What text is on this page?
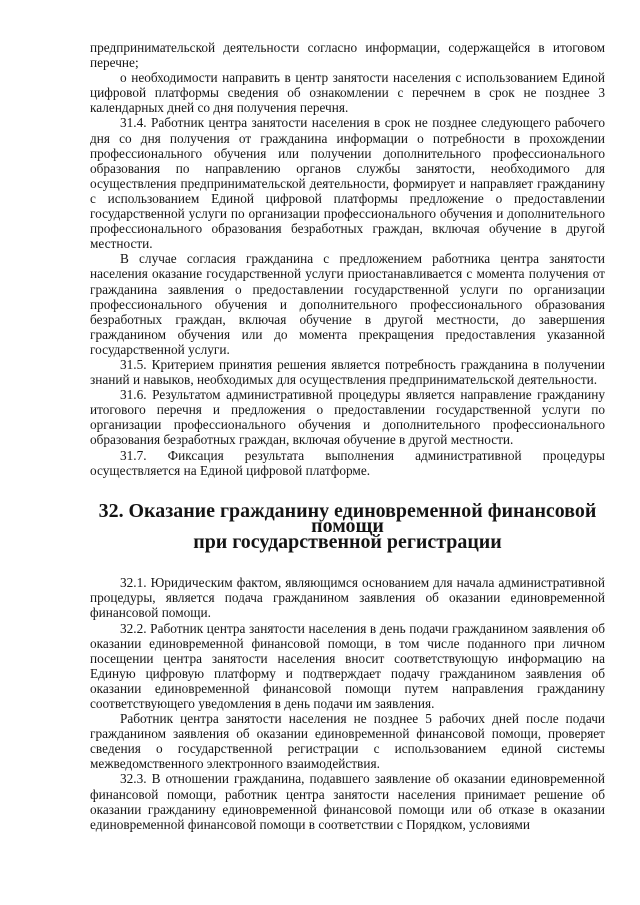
предпринимательской деятельности согласно информации, содержащейся в итоговом перечне;

о необходимости направить в центр занятости населения с использованием Единой цифровой платформы сведения об ознакомлении с перечнем в срок не позднее 3 календарных дней со дня получения перечня.

31.4. Работник центра занятости населения в срок не позднее следующего рабочего дня со дня получения от гражданина информации о потребности в прохождении профессионального обучения или получении дополнительного профессионального образования по направлению органов службы занятости, необходимого для осуществления предпринимательской деятельности, формирует и направляет гражданину с использованием Единой цифровой платформы предложение о предоставлении государственной услуги по организации профессионального обучения и дополнительного профессионального образования безработных граждан, включая обучение в другой местности.

В случае согласия гражданина с предложением работника центра занятости населения оказание государственной услуги приостанавливается с момента получения от гражданина заявления о предоставлении государственной услуги по организации профессионального обучения и дополнительного профессионального образования безработных граждан, включая обучение в другой местности, до завершения гражданином обучения или до момента прекращения предоставления указанной государственной услуги.

31.5. Критерием принятия решения является потребность гражданина в получении знаний и навыков, необходимых для осуществления предпринимательской деятельности.

31.6. Результатом административной процедуры является направление гражданину итогового перечня и предложения о предоставлении государственной услуги по организации профессионального обучения и дополнительного профессионального образования безработных граждан, включая обучение в другой местности.

31.7. Фиксация результата выполнения административной процедуры осуществляется на Единой цифровой платформе.

32. Оказание гражданину единовременной финансовой помощи
при государственной регистрации

32.1. Юридическим фактом, являющимся основанием для начала административной процедуры, является подача гражданином заявления об оказании единовременной финансовой помощи.

32.2. Работник центра занятости населения в день подачи гражданином заявления об оказании единовременной финансовой помощи, в том числе поданного при личном посещении центра занятости населения вносит соответствующую информацию на Единую цифровую платформу и подтверждает подачу гражданином заявления об оказании единовременной финансовой помощи путем направления гражданину соответствующего уведомления в день подачи им заявления.

Работник центра занятости населения не позднее 5 рабочих дней после подачи гражданином заявления об оказании единовременной финансовой помощи, проверяет сведения о государственной регистрации с использованием единой системы межведомственного электронного взаимодействия.

32.3. В отношении гражданина, подавшего заявление об оказании единовременной финансовой помощи, работник центра занятости населения принимает решение об оказании гражданину единовременной финансовой помощи или об отказе в оказании единовременной финансовой помощи в соответствии с Порядком, условиями
